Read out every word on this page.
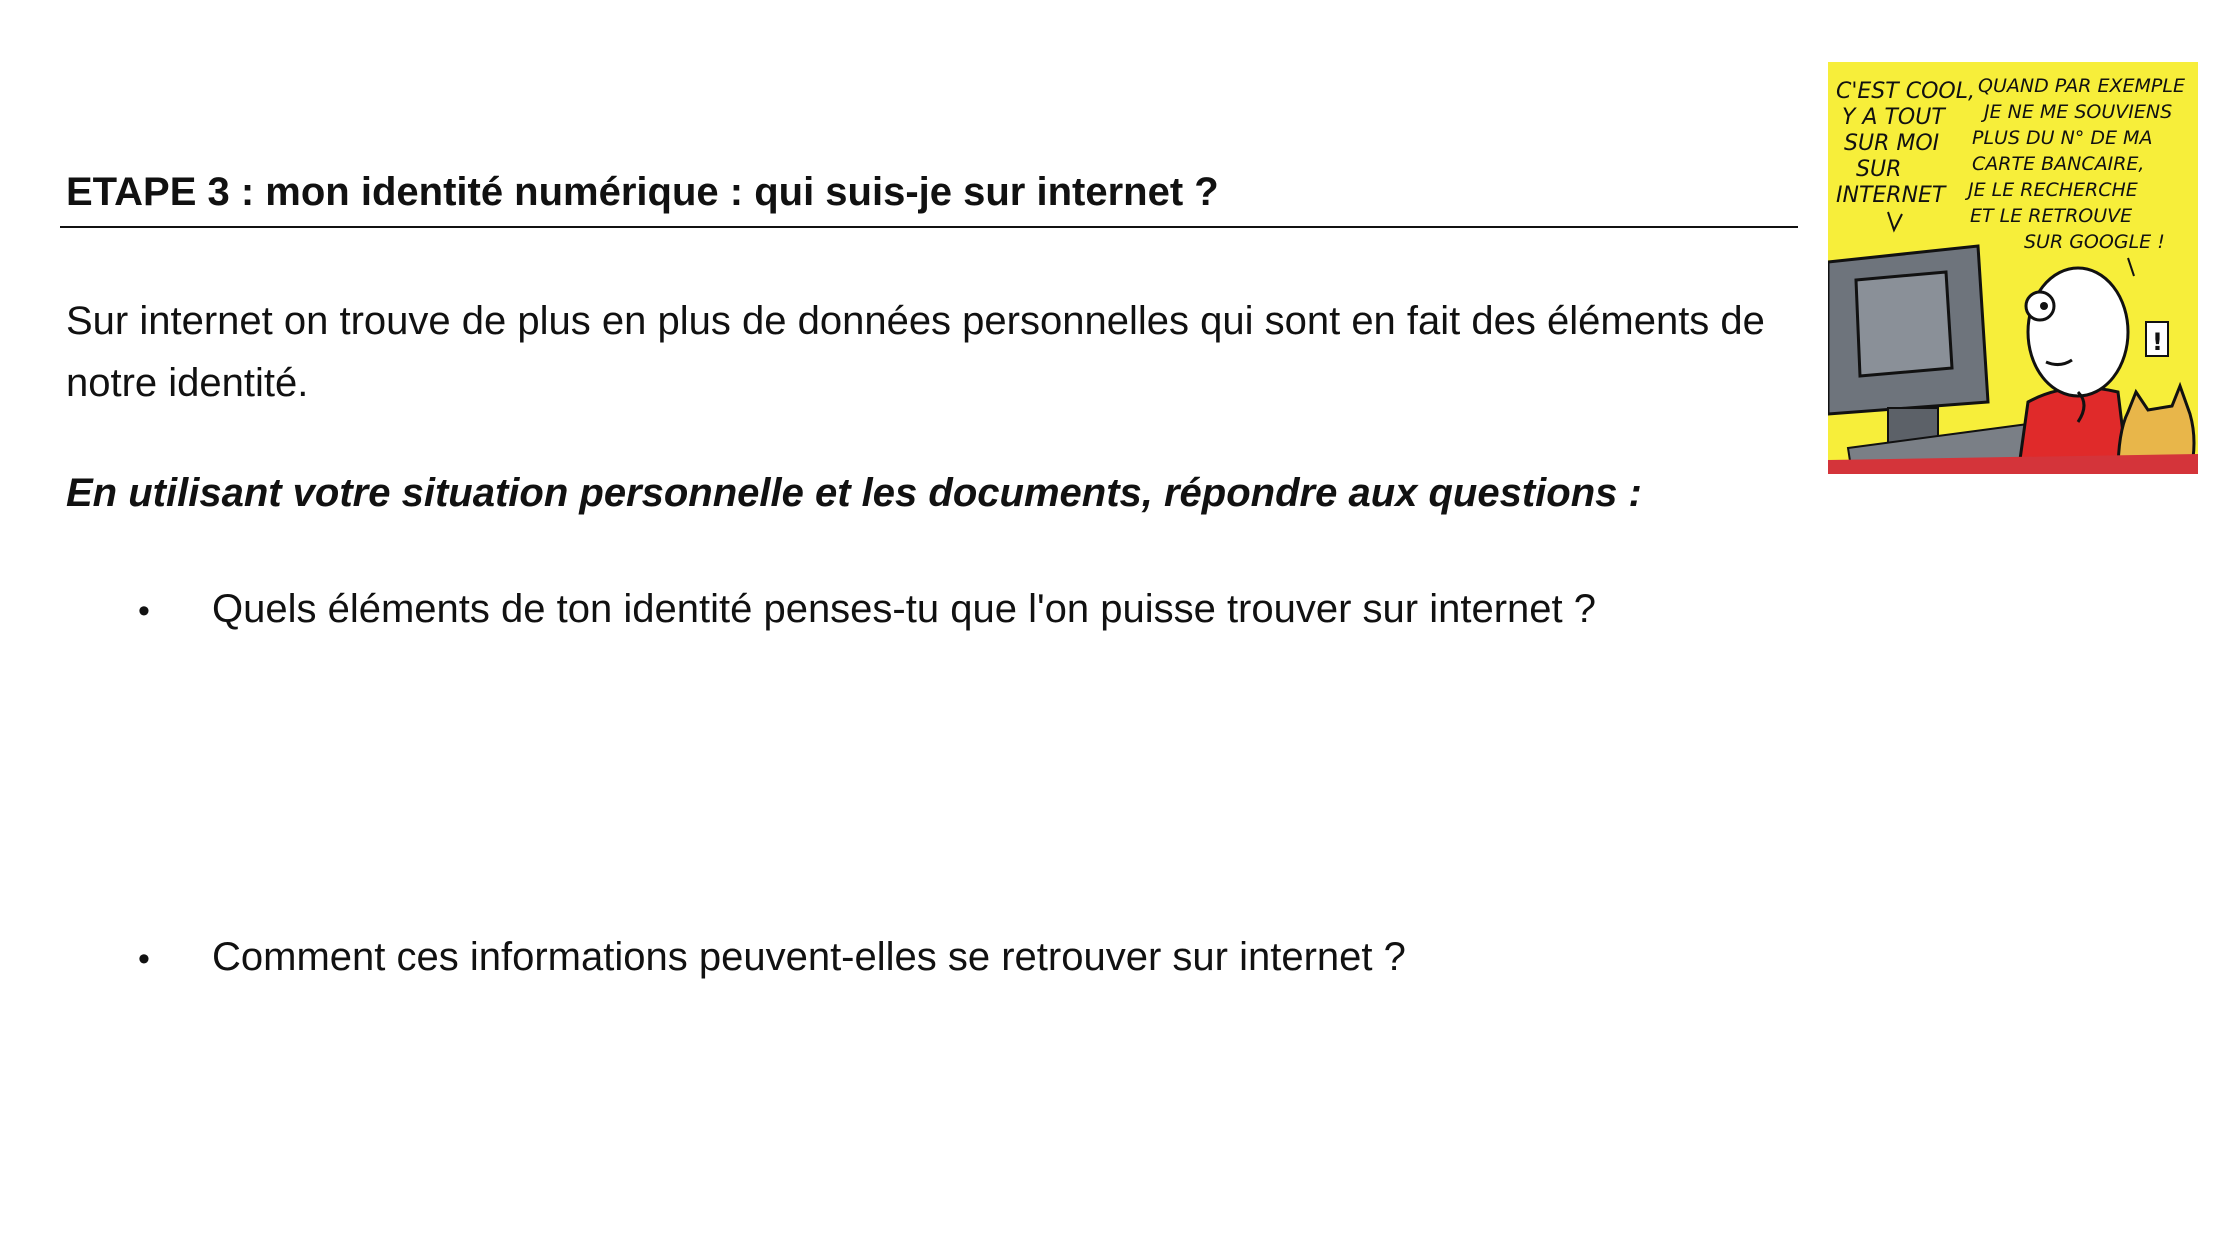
ETAPE 3 : mon identité numérique : qui suis-je sur internet ?
Sur internet on trouve de plus en plus de données personnelles qui sont en fait des éléments de notre identité.
En utilisant votre situation personnelle et les documents, répondre aux questions :
• Quels éléments de ton identité penses-tu que l'on puisse trouver sur internet ?
• Comment ces informations peuvent-elles se retrouver sur internet ?
C'EST COOL,
Y A TOUT
SUR MOI
SUR
INTERNET
QUAND PAR EXEMPLE
JE NE ME SOUVIENS
PLUS DU N° DE MA
CARTE BANCAIRE,
JE LE RECHERCHE
ET LE RETROUVE
SUR GOOGLE !
!
